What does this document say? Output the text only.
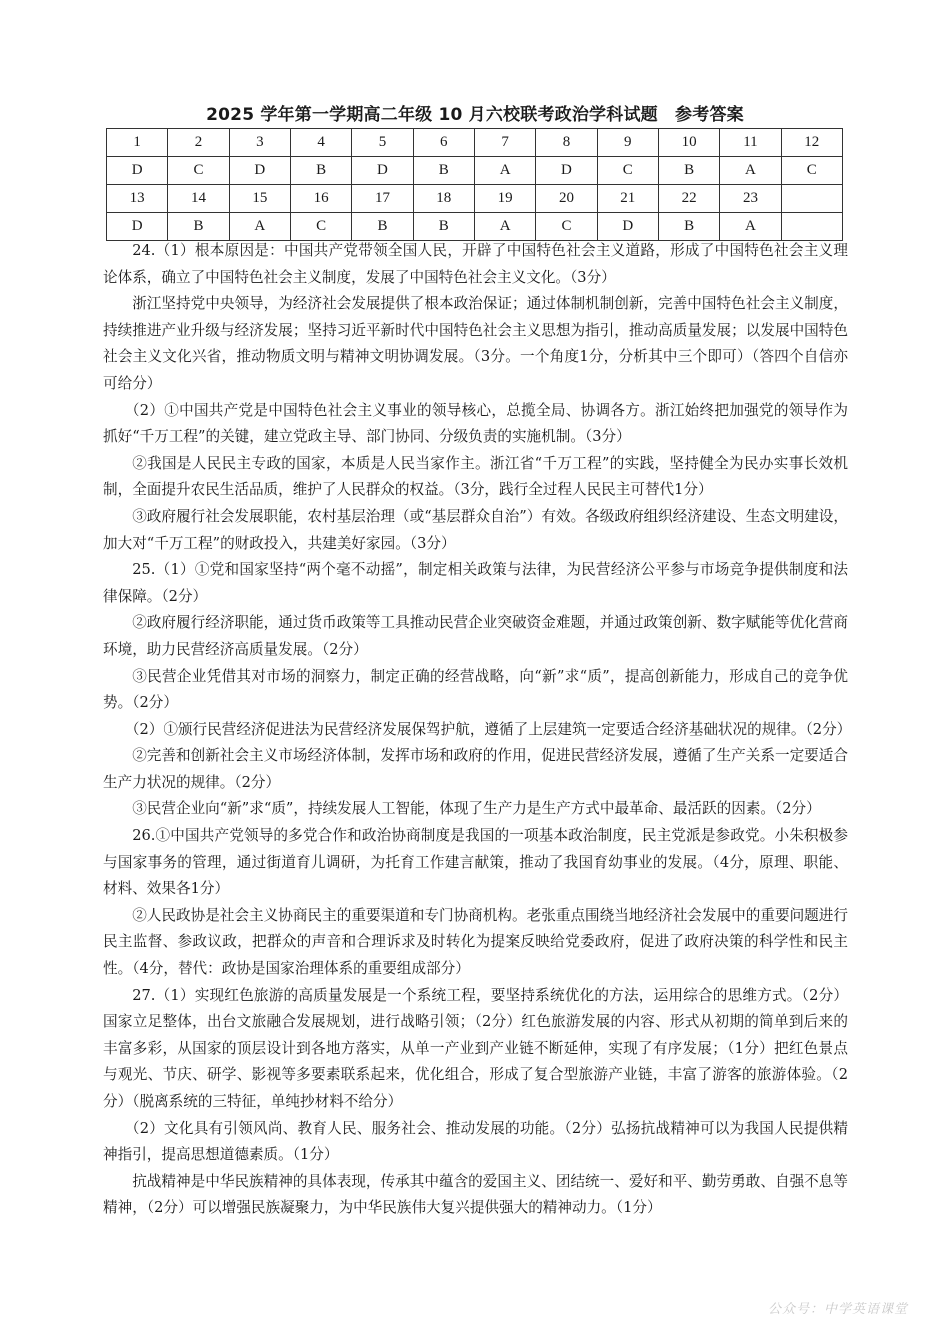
2025 学年第一学期高二年级 10 月六校联考政治学科试题　参考答案
1	2	3	4	5	6	7	8	9	10	11	12
D	C	D	B	D	B	A	D	C	B	A	C
13	14	15	16	17	18	19	20	21	22	23	
D	B	A	C	B	B	A	C	D	B	A	

24.（1）根本原因是：中国共产党带领全国人民，开辟了中国特色社会主义道路，形成了中国特色社会主义理论体系，确立了中国特色社会主义制度，发展了中国特色社会主义文化。（3分）

浙江坚持党中央领导，为经济社会发展提供了根本政治保证；通过体制机制创新，完善中国特色社会主义制度，持续推进产业升级与经济发展；坚持习近平新时代中国特色社会主义思想为指引，推动高质量发展；以发展中国特色社会主义文化兴省，推动物质文明与精神文明协调发展。（3分。一个角度1分，分析其中三个即可）（答四个自信亦可给分）

（2）①中国共产党是中国特色社会主义事业的领导核心，总揽全局、协调各方。浙江始终把加强党的领导作为抓好“千万工程”的关键，建立党政主导、部门协同、分级负责的实施机制。（3分）

②我国是人民民主专政的国家，本质是人民当家作主。浙江省“千万工程”的实践，坚持健全为民办实事长效机制，全面提升农民生活品质，维护了人民群众的权益。（3分，践行全过程人民民主可替代1分）

③政府履行社会发展职能，农村基层治理（或“基层群众自治”）有效。各级政府组织经济建设、生态文明建设，加大对“千万工程”的财政投入，共建美好家园。（3分）

25.（1）①党和国家坚持“两个毫不动摇”，制定相关政策与法律，为民营经济公平参与市场竞争提供制度和法律保障。（2分）

②政府履行经济职能，通过货币政策等工具推动民营企业突破资金难题，并通过政策创新、数字赋能等优化营商环境，助力民营经济高质量发展。（2分）

③民营企业凭借其对市场的洞察力，制定正确的经营战略，向“新”求“质”，提高创新能力，形成自己的竞争优势。（2分）

（2）①颁行民营经济促进法为民营经济发展保驾护航，遵循了上层建筑一定要适合经济基础状况的规律。（2分）

②完善和创新社会主义市场经济体制，发挥市场和政府的作用，促进民营经济发展，遵循了生产关系一定要适合生产力状况的规律。（2分）

③民营企业向“新”求“质”，持续发展人工智能，体现了生产力是生产方式中最革命、最活跃的因素。（2分）

26.①中国共产党领导的多党合作和政治协商制度是我国的一项基本政治制度，民主党派是参政党。小朱积极参与国家事务的管理，通过街道育儿调研，为托育工作建言献策，推动了我国育幼事业的发展。（4分，原理、职能、材料、效果各1分）

②人民政协是社会主义协商民主的重要渠道和专门协商机构。老张重点围绕当地经济社会发展中的重要问题进行民主监督、参政议政，把群众的声音和合理诉求及时转化为提案反映给党委政府，促进了政府决策的科学性和民主性。（4分，替代：政协是国家治理体系的重要组成部分）

27.（1）实现红色旅游的高质量发展是一个系统工程，要坚持系统优化的方法，运用综合的思维方式。（2分）国家立足整体，出台文旅融合发展规划，进行战略引领；（2分）红色旅游发展的内容、形式从初期的简单到后来的丰富多彩，从国家的顶层设计到各地方落实，从单一产业到产业链不断延伸，实现了有序发展；（1分）把红色景点与观光、节庆、研学、影视等多要素联系起来，优化组合，形成了复合型旅游产业链，丰富了游客的旅游体验。（2分）（脱离系统的三特征，单纯抄材料不给分）

（2）文化具有引领风尚、教育人民、服务社会、推动发展的功能。（2分）弘扬抗战精神可以为我国人民提供精神指引，提高思想道德素质。（1分）

抗战精神是中华民族精神的具体表现，传承其中蕴含的爱国主义、团结统一、爱好和平、勤劳勇敢、自强不息等精神，（2分）可以增强民族凝聚力，为中华民族伟大复兴提供强大的精神动力。（1分）

公众号：中学英语课堂
